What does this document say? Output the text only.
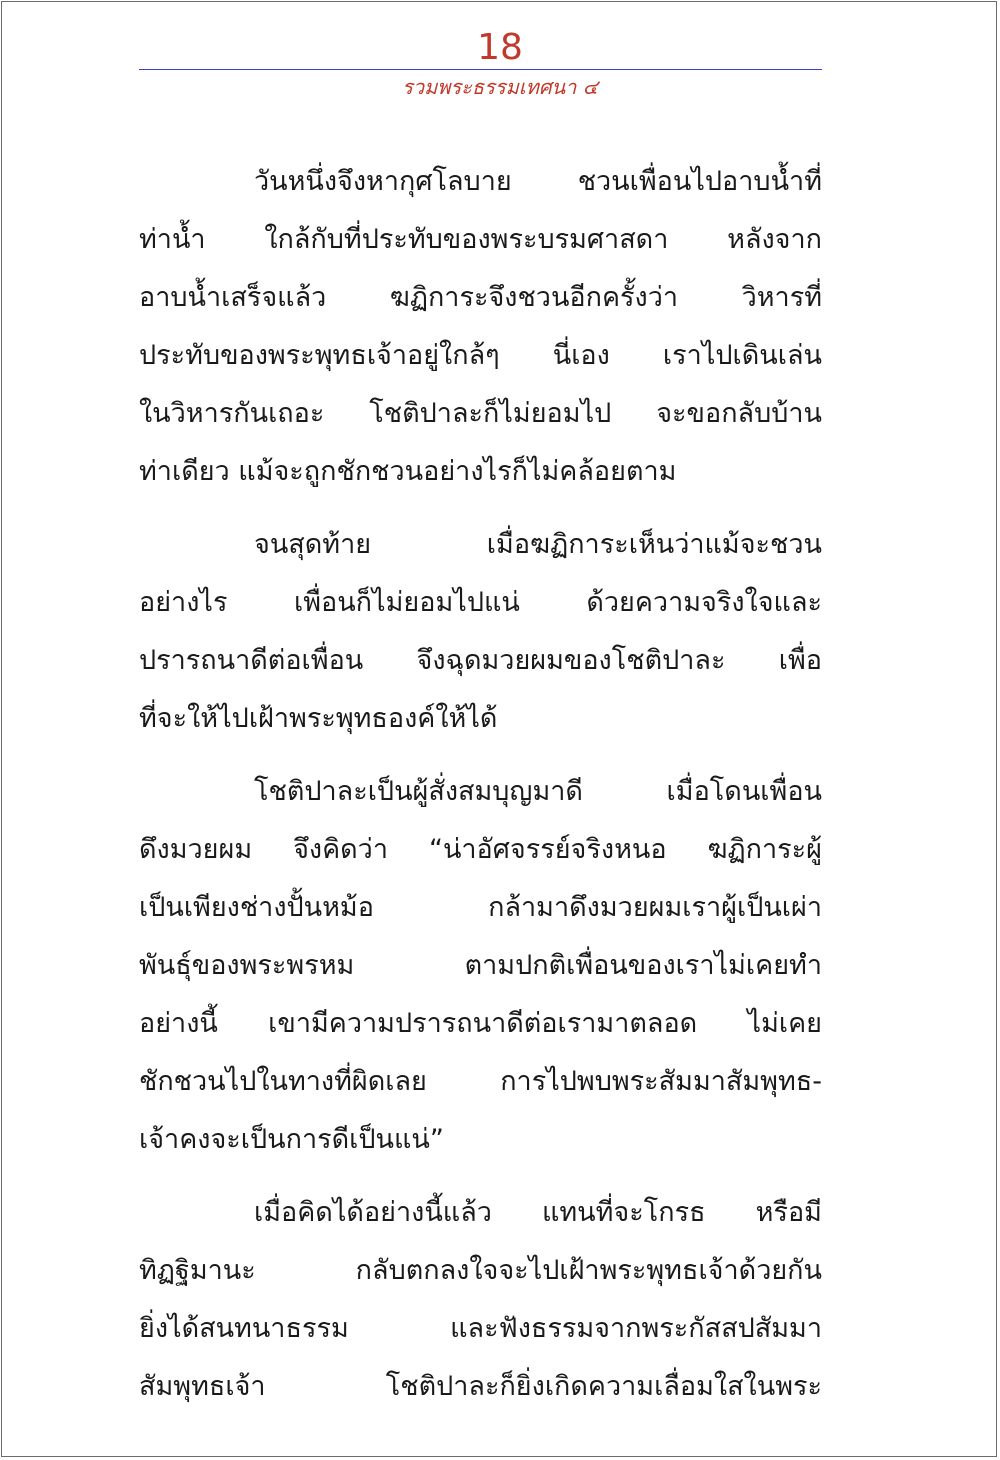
18
รวมพระธรรมเทศนา ๔
วันหนึ่งจึงหากุศโลบาย ชวนเพื่อนไปอาบน้ำที่
ท่าน้ำ ใกล้กับที่ประทับของพระบรมศาสดา หลังจาก
อาบน้ำเสร็จแล้ว ฆฏิการะจึงชวนอีกครั้งว่า วิหารที่
ประทับของพระพุทธเจ้าอยู่ใกล้ๆ นี่เอง เราไปเดินเล่น
ในวิหารกันเถอะ โชติปาละก็ไม่ยอมไป จะขอกลับบ้าน
ท่าเดียว แม้จะถูกชักชวนอย่างไรก็ไม่คล้อยตาม
จนสุดท้าย เมื่อฆฏิการะเห็นว่าแม้จะชวน
อย่างไร เพื่อนก็ไม่ยอมไปแน่ ด้วยความจริงใจและ
ปรารถนาดีต่อเพื่อน จึงฉุดมวยผมของโชติปาละ เพื่อ
ที่จะให้ไปเฝ้าพระพุทธองค์ให้ได้
โชติปาละเป็นผู้สั่งสมบุญมาดี เมื่อโดนเพื่อน
ดึงมวยผม จึงคิดว่า “น่าอัศจรรย์จริงหนอ ฆฏิการะผู้
เป็นเพียงช่างปั้นหม้อ กล้ามาดึงมวยผมเราผู้เป็นเผ่า
พันธุ์ของพระพรหม ตามปกติเพื่อนของเราไม่เคยทำ
อย่างนี้ เขามีความปรารถนาดีต่อเรามาตลอด ไม่เคย
ชักชวนไปในทางที่ผิดเลย การไปพบพระสัมมาสัมพุทธ-
เจ้าคงจะเป็นการดีเป็นแน่”
เมื่อคิดได้อย่างนี้แล้ว แทนที่จะโกรธ หรือมี
ทิฏฐิมานะ กลับตกลงใจจะไปเฝ้าพระพุทธเจ้าด้วยกัน
ยิ่งได้สนทนาธรรม และฟังธรรมจากพระกัสสปสัมมา
สัมพุทธเจ้า โชติปาละก็ยิ่งเกิดความเลื่อมใสในพระ
